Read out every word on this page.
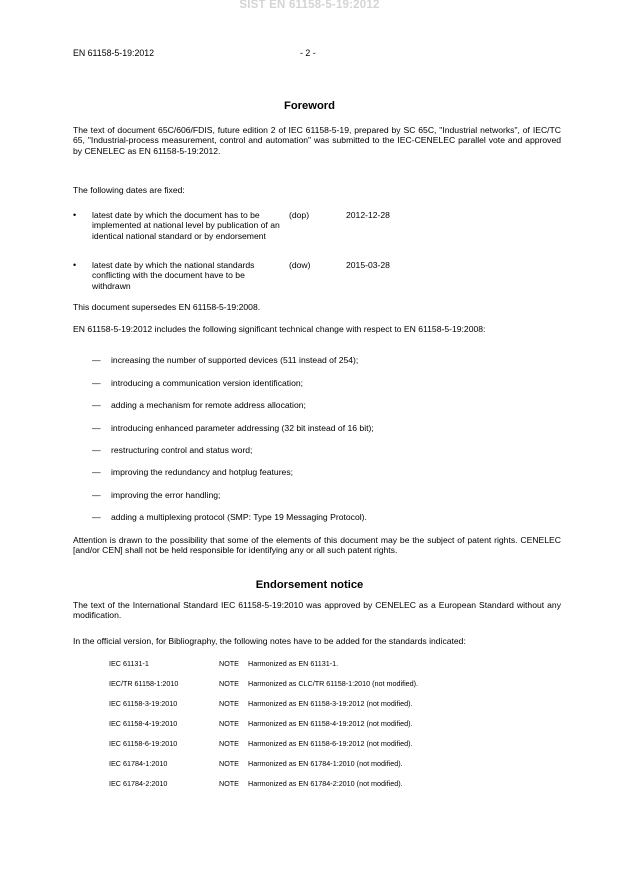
SIST EN 61158-5-19:2012
EN 61158-5-19:2012	- 2 -
Foreword
The text of document 65C/606/FDIS, future edition 2 of IEC 61158-5-19, prepared by SC 65C, "Industrial networks", of IEC/TC 65, "Industrial-process measurement, control and automation" was submitted to the IEC-CENELEC parallel vote and approved by CENELEC as EN 61158-5-19:2012.
The following dates are fixed:
• latest date by which the document has to be implemented at national level by publication of an identical national standard or by endorsement
(dop)	2012-12-28
• latest date by which the national standards conflicting with the document have to be withdrawn
(dow)	2015-03-28
This document supersedes EN 61158-5-19:2008.
EN 61158-5-19:2012 includes the following significant technical change with respect to EN 61158-5-19:2008:
— increasing the number of supported devices (511 instead of 254);
— introducing a communication version identification;
— adding a mechanism for remote address allocation;
— introducing enhanced parameter addressing (32 bit instead of 16 bit);
— restructuring control and status word;
— improving the redundancy and hotplug features;
— improving the error handling;
— adding a multiplexing protocol (SMP: Type 19 Messaging Protocol).
Attention is drawn to the possibility that some of the elements of this document may be the subject of patent rights. CENELEC [and/or CEN] shall not be held responsible for identifying any or all such patent rights.
Endorsement notice
The text of the International Standard IEC 61158-5-19:2010 was approved by CENELEC as a European Standard without any modification.
In the official version, for Bibliography, the following notes have to be added for the standards indicated:
IEC 61131-1	NOTE Harmonized as EN 61131-1.
IEC/TR 61158-1:2010	NOTE Harmonized as CLC/TR 61158-1:2010 (not modified).
IEC 61158-3-19:2010	NOTE Harmonized as EN 61158-3-19:2012 (not modified).
IEC 61158-4-19:2010	NOTE Harmonized as EN 61158-4-19:2012 (not modified).
IEC 61158-6-19:2010	NOTE Harmonized as EN 61158-6-19:2012 (not modified).
IEC 61784-1:2010	NOTE Harmonized as EN 61784-1:2010 (not modified).
IEC 61784-2:2010	NOTE Harmonized as EN 61784-2:2010 (not modified).
